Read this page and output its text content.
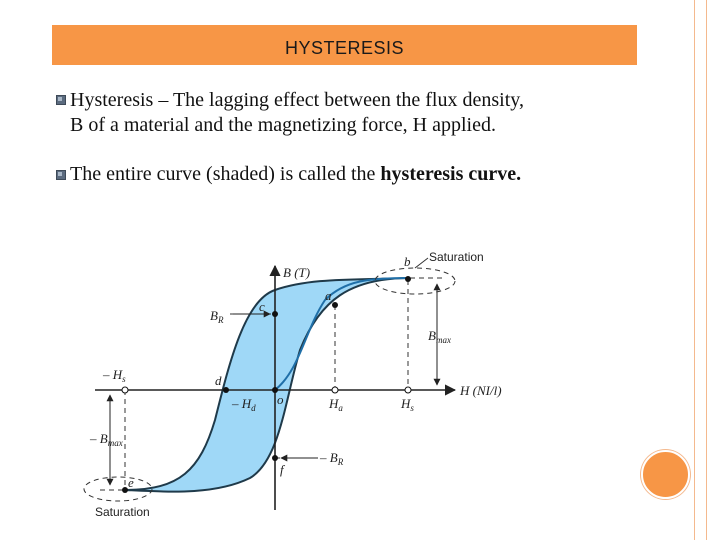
HYSTERESIS
Hysteresis – The lagging effect between the flux density,
B of a material and the magnetizing force, H applied.
The entire curve (shaded) is called the hysteresis curve.
B (T)
H (NI/l)
Saturation
Saturation
b
c
a
d
o
f
e
$B_R$
– $B_R$
$B_{max}$
– $B_{max}$
– $H_s$
– $H_d$	$H_a$	$H_s$
